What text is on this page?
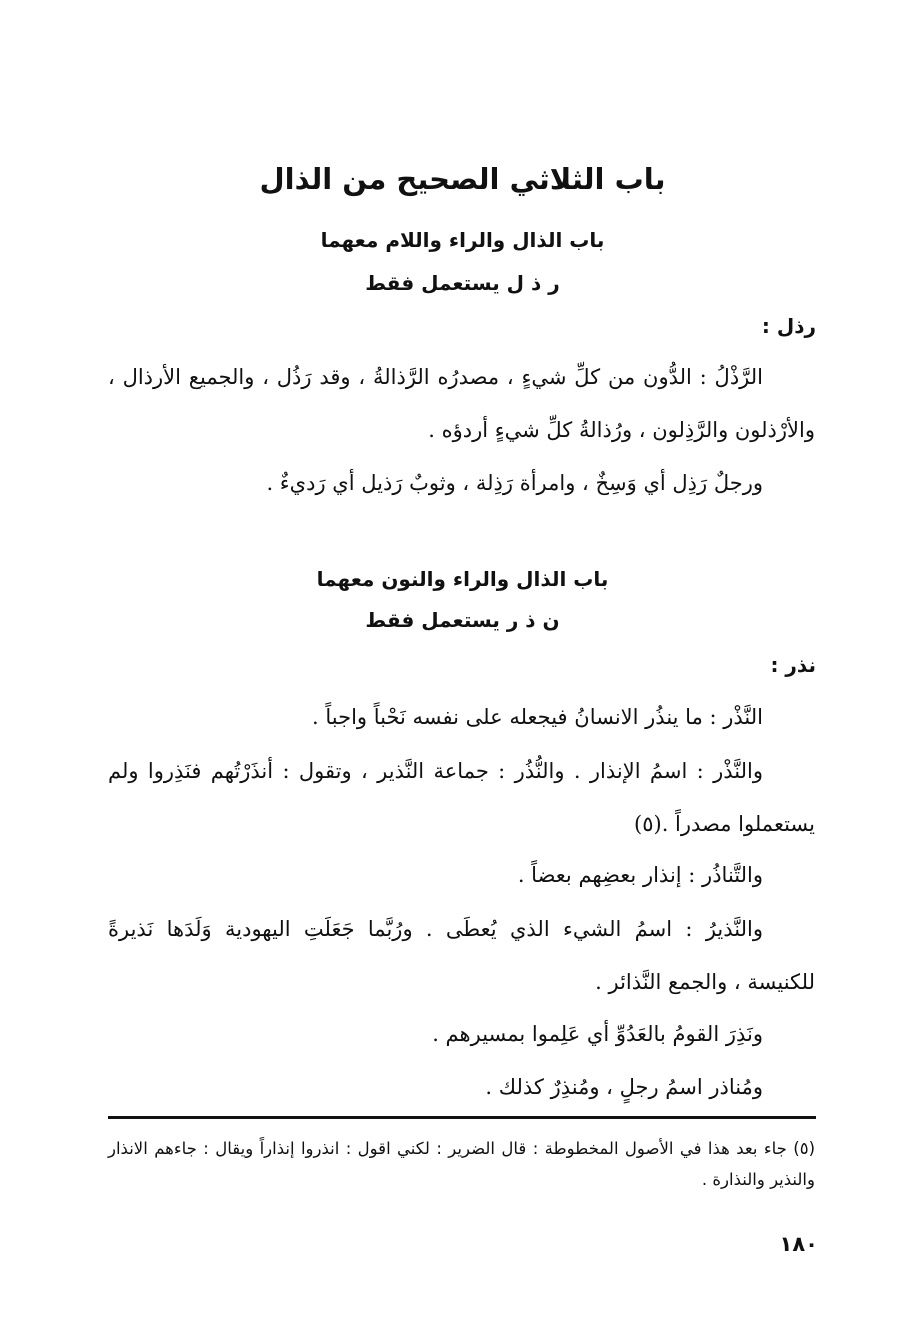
باب الثلاثي الصحيح من الذال
باب الذال والراء واللام معهما
ر ذ ل يستعمل فقط
رذل :
الرَّذْلُ : الدُّون من كلِّ شيءٍ ، مصدرُه الرَّذالةُ ، وقد رَذُل ، والجميع الأرذال ، والأرْذلون والرَّذِلون ، ورُذالةُ كلِّ شيءٍ أردؤه .
ورجلٌ رَذِل أي وَسِخٌ ، وامرأة رَذِلة ، وثوبٌ رَذيل أي رَديءٌ .
باب الذال والراء والنون معهما
ن ذ ر يستعمل فقط
نذر :
النَّذْر : ما ينذُر الانسانُ فيجعله على نفسه نَحْباً واجباً .
والنَّذْر : اسمُ الإنذار . والنُّذُر : جماعة النَّذير ، وتقول : أنذَرْتُهم فنَذِروا ولم يستعملوا مصدراً .(٥)
والتَّناذُر : إنذار بعضِهم بعضاً .
والنَّذيرُ : اسمُ الشيء الذي يُعطَى . ورُبَّما جَعَلَتِ اليهودية وَلَدَها نَذيرةً للكنيسة ، والجمع النَّذائر .
ونَذِرَ القومُ بالعَدُوِّ أي عَلِموا بمسيرهم .
ومُناذر اسمُ رجلٍ ، ومُنذِرٌ كذلك .
(٥) جاء بعد هذا في الأصول المخطوطة : قال الضرير : لكني اقول : انذروا إنذاراً ويقال : جاءهم الانذار والنذير والنذارة .
١٨٠
